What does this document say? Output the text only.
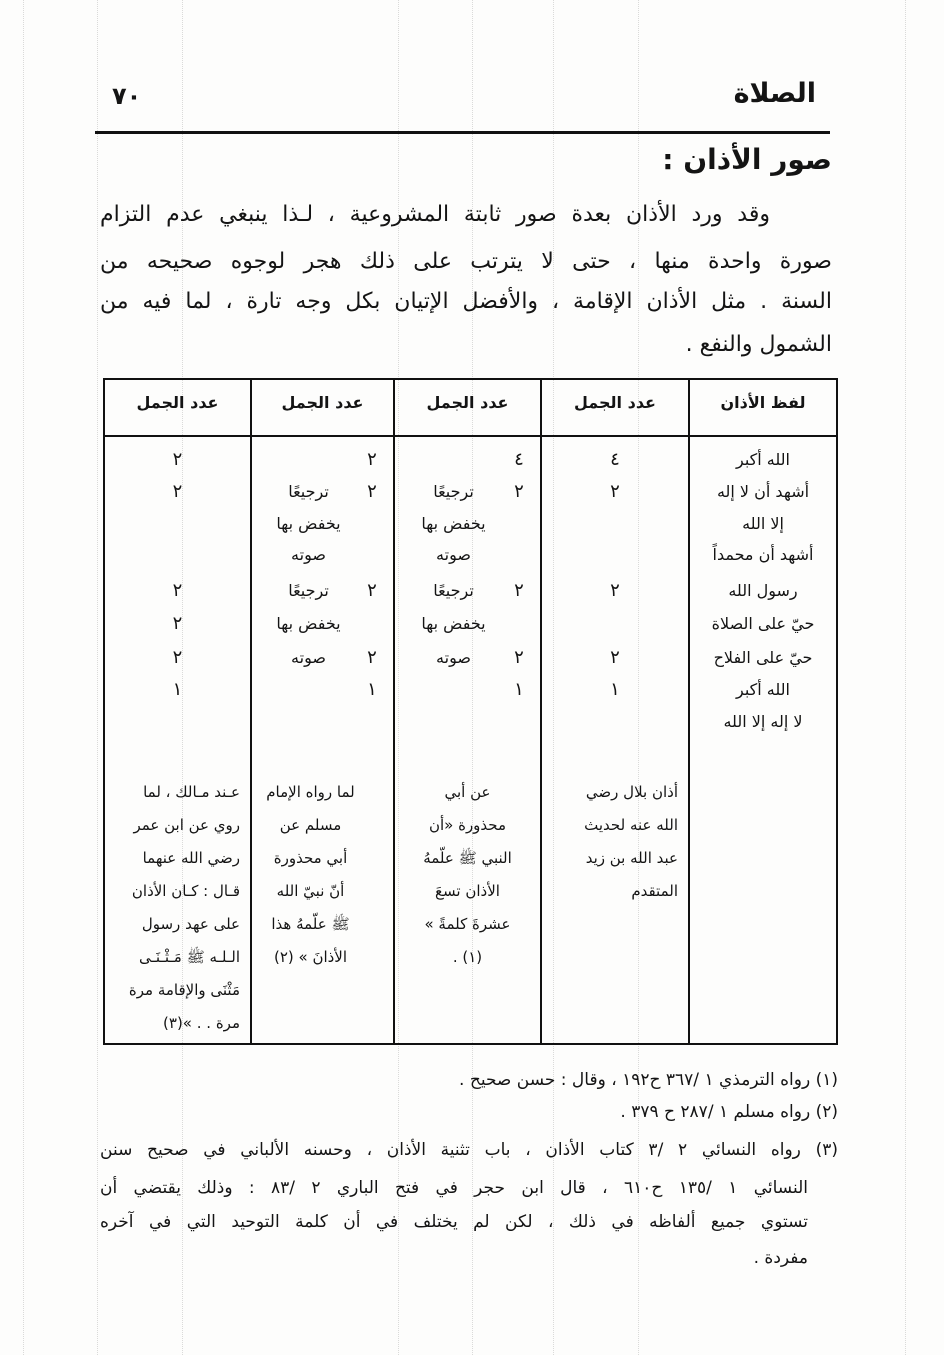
الصلاة
٧٠
صور الأذان :
وقد ورد الأذان بعدة صور ثابتة المشروعية ، لـذا ينبغي عدم التزام
صورة واحدة منها ، حتى لا يترتب على ذلك هجر لوجوه صحيحه من
السنة . مثل الأذان الإقامة ، والأفضل الإتيان بكل وجه تارة ، لما فيه من
الشمول والنفع .
لفظ الأذان
الله أكبر
أشهد أن لا إله
إلا الله
أشهد أن محمداً
رسول الله
حيّ على الصلاة
حيّ على الفلاح
الله أكبر
لا إله إلا الله
عدد الجمل
٤
٢
٢
٢
١
أذان بلال رضي
الله عنه لحديث
عبد الله بن زيد
المتقدم
عدد الجمل
٤
٢
ترجيعًا
يخفض بها
صوته
٢
ترجيعًا
يخفض بها
٢
صوته
١
عن أبي
محذورة «أن
النبي ﷺ علّمهُ
الأذان تسعَ
عشرةَ كلمةً »
(١) .
عدد الجمل
٢
٢
ترجيعًا
يخفض بها
صوته
٢
ترجيعًا
يخفض بها
٢
صوته
١
لما رواه الإمام
مسلم عن
أبي محذورة
أنّ نبيّ الله
ﷺ علّمهُ هذا
الأذانَ » (٢)
عدد الجمل
٢
٢
٢
٢
٢
١
عـند مـالك ، لما
روي عن ابن عمر
رضي الله عنهما
قـال : كـان الأذان
على عهد رسول
الـلـه ﷺ مَـثْـنَـى
مَثْنَى والإقامة مرة
مرة . . »(٣)
(١) رواه الترمذي ١ /٣٦٧ ح١٩٢ ، وقال : حسن صحيح .
(٢) رواه مسلم ١ /٢٨٧ ح ٣٧٩ .
(٣) رواه النسائي ٢ /٣ كتاب الأذان ، باب تثنية الأذان ، وحسنه الألباني في صحيح سنن
النسائي ١ /١٣٥ ح٦١٠ ، قال ابن حجر في فتح الباري ٢ /٨٣ : وذلك يقتضي أن
تستوي جميع ألفاظه في ذلك ، لكن لم يختلف في أن كلمة التوحيد التي في آخره
مفردة .
